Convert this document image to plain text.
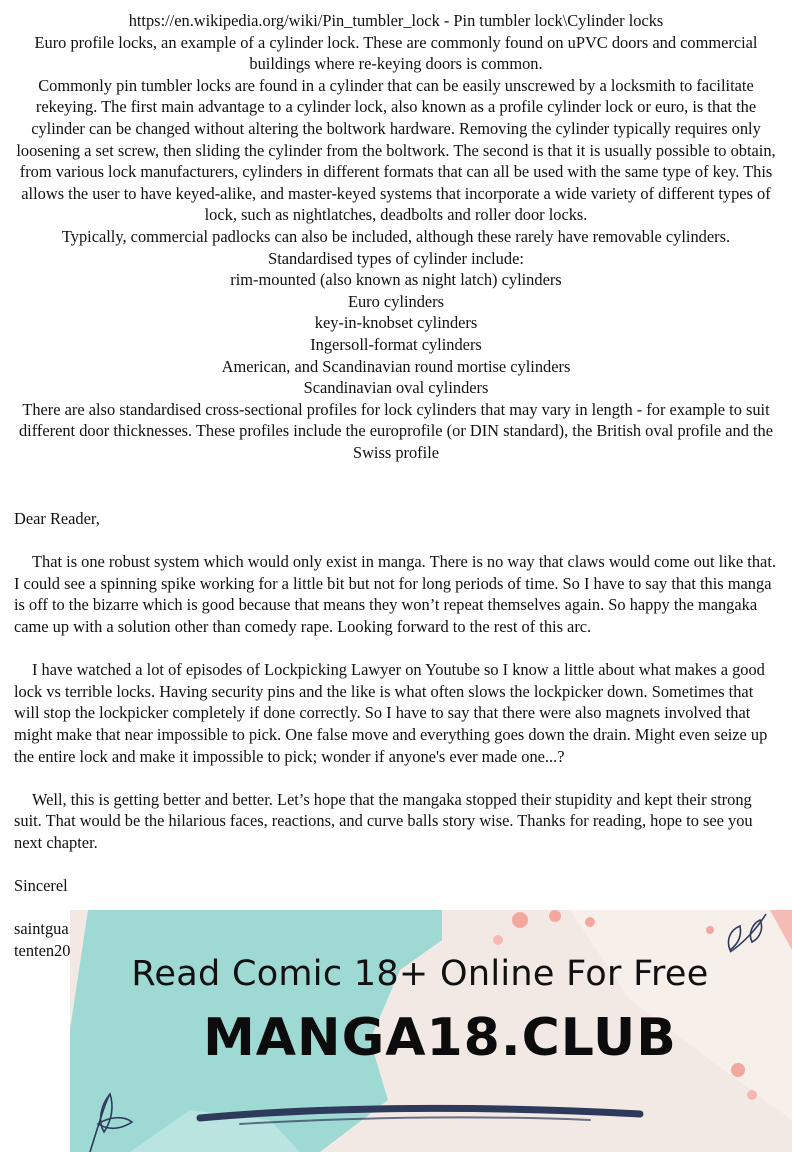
https://en.wikipedia.org/wiki/Pin_tumbler_lock - Pin tumbler lock\Cylinder locks

Euro profile locks, an example of a cylinder lock. These are commonly found on uPVC doors and commercial buildings where re-keying doors is common.

Commonly pin tumbler locks are found in a cylinder that can be easily unscrewed by a locksmith to facilitate rekeying. The first main advantage to a cylinder lock, also known as a profile cylinder lock or euro, is that the cylinder can be changed without altering the boltwork hardware. Removing the cylinder typically requires only loosening a set screw, then sliding the cylinder from the boltwork. The second is that it is usually possible to obtain, from various lock manufacturers, cylinders in different formats that can all be used with the same type of key. This allows the user to have keyed-alike, and master-keyed systems that incorporate a wide variety of different types of lock, such as nightlatches, deadbolts and roller door locks.

Typically, commercial padlocks can also be included, although these rarely have removable cylinders.

Standardised types of cylinder include:

rim-mounted (also known as night latch) cylinders

Euro cylinders

key-in-knobset cylinders

Ingersoll-format cylinders

American, and Scandinavian round mortise cylinders

Scandinavian oval cylinders

There are also standardised cross-sectional profiles for lock cylinders that may vary in length - for example to suit different door thicknesses. These profiles include the europrofile (or DIN standard), the British oval profile and the Swiss profile

Dear Reader,

That is one robust system which would only exist in manga. There is no way that claws would come out like that. I could see a spinning spike working for a little bit but not for long periods of time. So I have to say that this manga is off to the bizarre which is good because that means they won’t repeat themselves again. So happy the mangaka came up with a solution other than comedy rape. Looking forward to the rest of this arc.

I have watched a lot of episodes of Lockpicking Lawyer on Youtube so I know a little about what makes a good lock vs terrible locks. Having security pins and the like is what often slows the lockpicker down. Sometimes that will stop the lockpicker completely if done correctly. So I have to say that there were also magnets involved that might make that near impossible to pick. One false move and everything goes down the drain. Might even seize up the entire lock and make it impossible to pick; wonder if anyone's ever made one...?

Well, this is getting better and better. Let’s hope that the mangaka stopped their stupidity and kept their strong suit. That would be the hilarious faces, reactions, and curve balls story wise. Thanks for reading, hope to see you next chapter.

Sincerel

saintgua

tenten20

Read Comic 18+ Online For Free
MANGA18.CLUB
